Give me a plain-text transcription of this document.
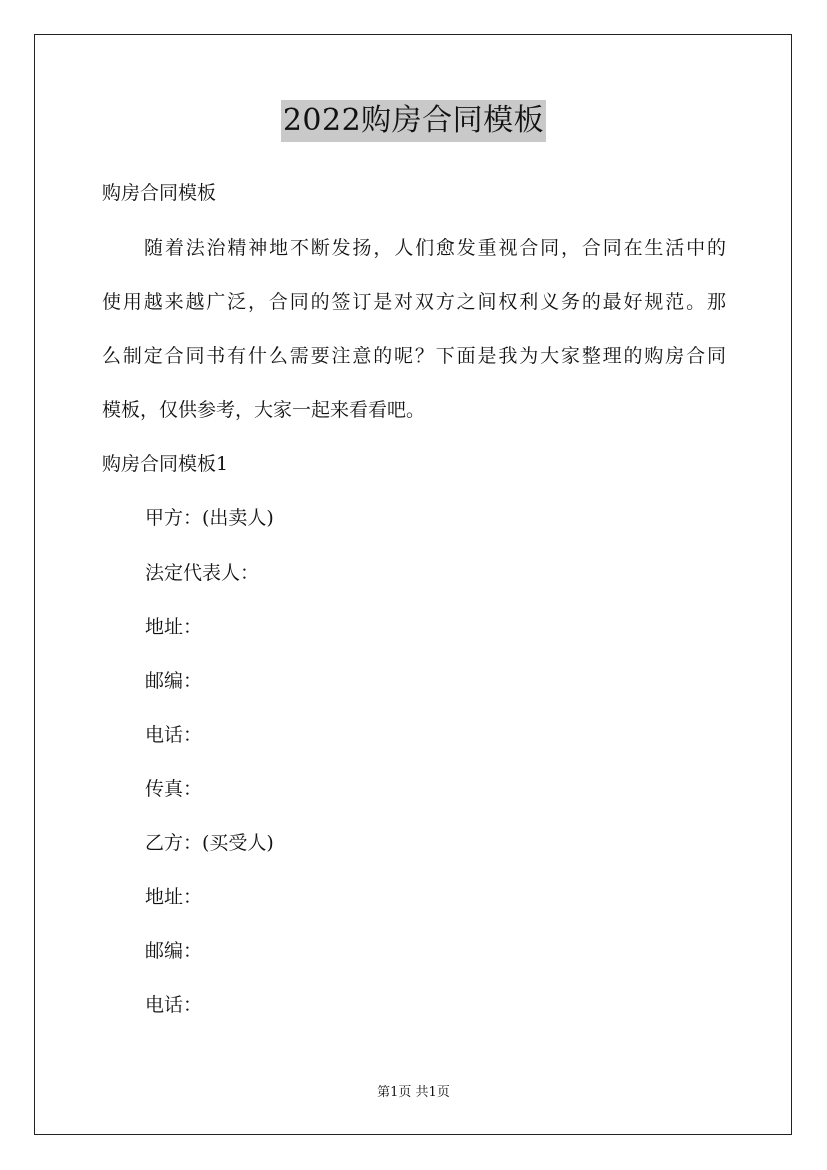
2022购房合同模板
购房合同模板
随着法治精神地不断发扬，人们愈发重视合同，合同在生活中的
使用越来越广泛，合同的签订是对双方之间权利义务的最好规范。那
么制定合同书有什么需要注意的呢？下面是我为大家整理的购房合同
模板，仅供参考，大家一起来看看吧。
购房合同模板1
甲方：(出卖人)
法定代表人：
地址：
邮编：
电话：
传真：
乙方：(买受人)
地址：
邮编：
电话：
第1页 共1页
